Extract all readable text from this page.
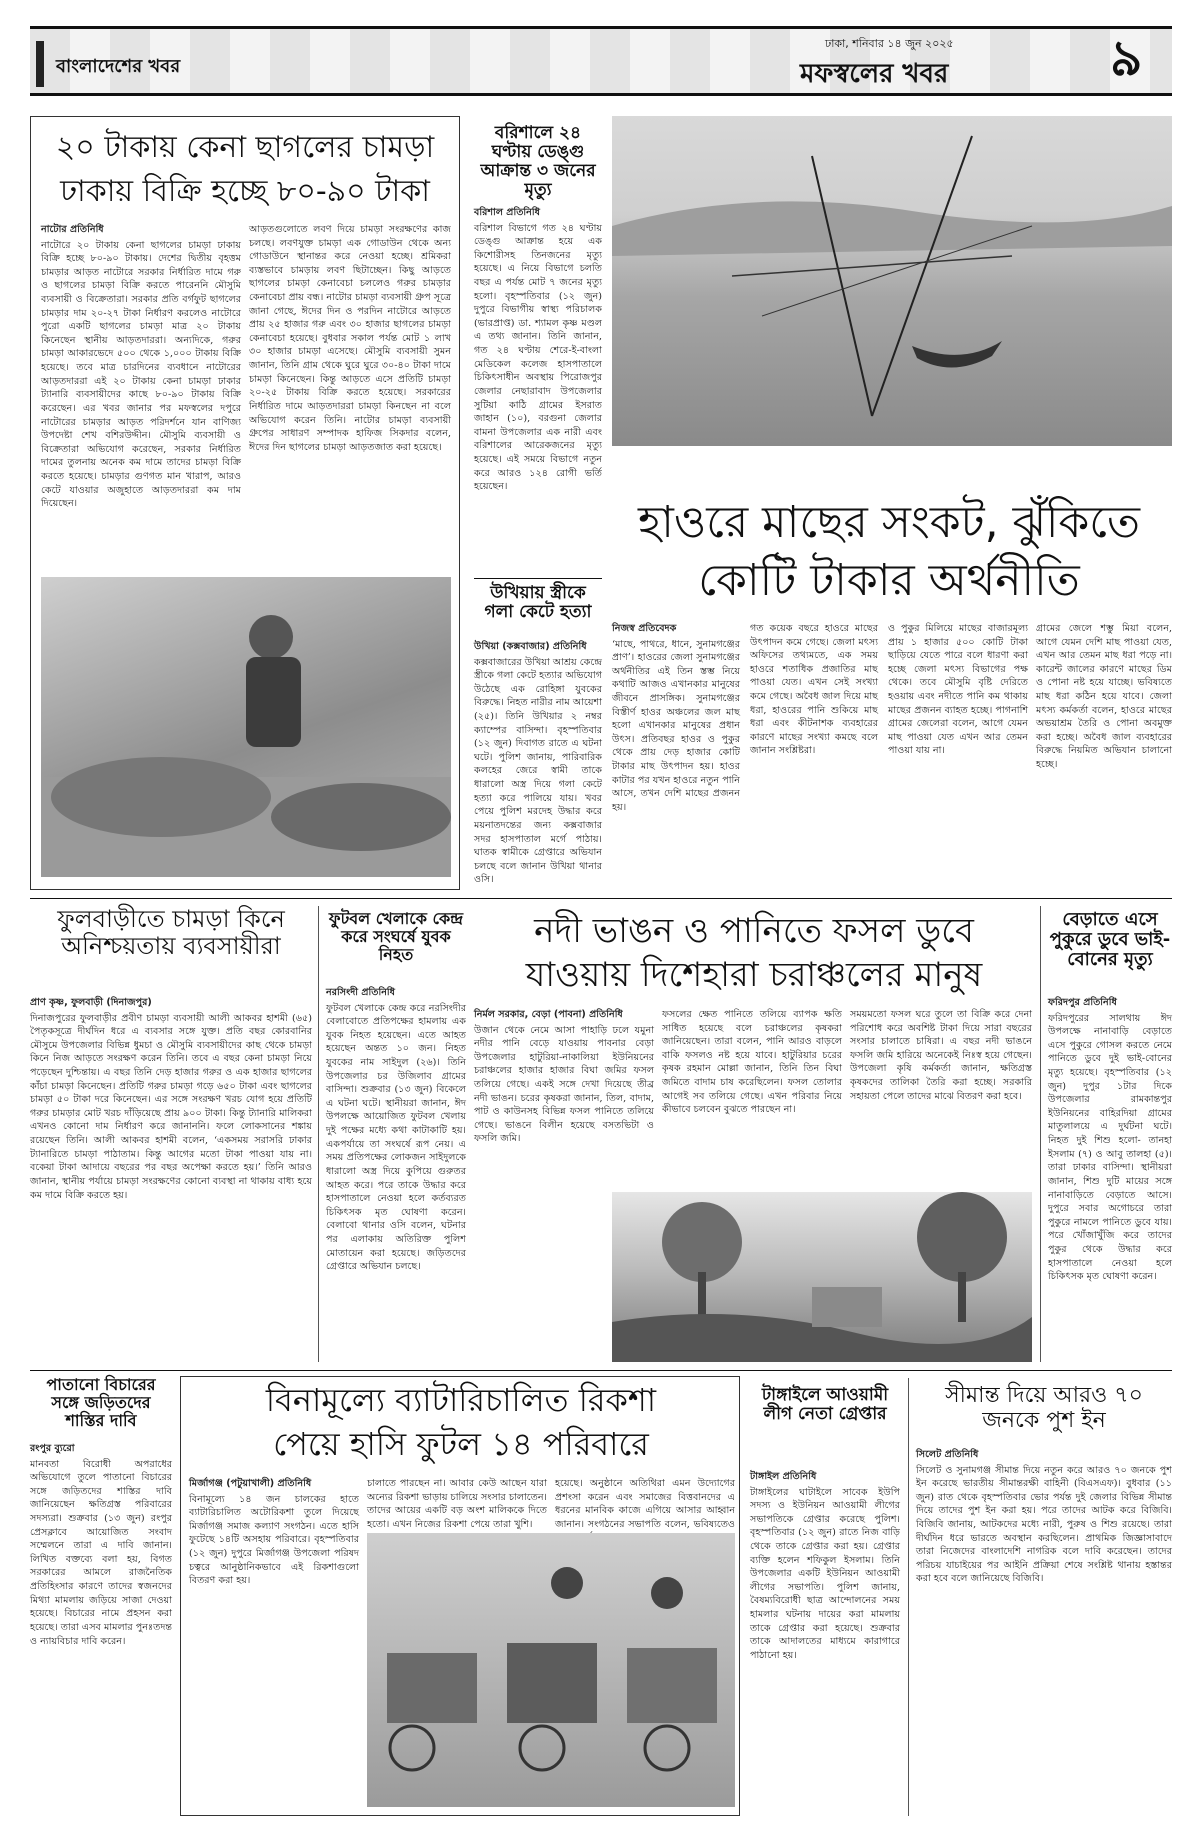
বাংলাদেশের খবর
ঢাকা, শনিবার ১৪ জুন ২০২৫
মফস্বলের খবর	৯
২০ টাকায় কেনা ছাগলের চামড়া
ঢাকায় বিক্রি হচ্ছে ৮০-৯০ টাকা
নাটোর প্রতিনিধি

নাটোরে ২০ টাকায় কেনা ছাগলের চামড়া ঢাকায় বিক্রি হচ্ছে ৮০-৯০ টাকায়। দেশের দ্বিতীয় বৃহত্তম চামড়ার আড়ত নাটোরে সরকার নির্ধারিত দামে গরু ও ছাগলের চামড়া বিক্রি করতে পারেননি মৌসুমি ব্যবসায়ী ও বিক্রেতারা। সরকার প্রতি বর্গফুট ছাগলের চামড়ার দাম ২০-২৭ টাকা নির্ধারণ করলেও নাটোরে পুরো একটি ছাগলের চামড়া মাত্র ২০ টাকায় কিনেছেন স্থানীয় আড়তদাররা। অন্যদিকে, গরুর চামড়া আকারভেদে ৫০০ থেকে ১,০০০ টাকায় বিক্রি হয়েছে। তবে মাত্র চারদিনের ব্যবধানে নাটোরের আড়তদাররা এই ২০ টাকায় কেনা চামড়া ঢাকার ট্যানারি ব্যবসায়ীদের কাছে ৮০-৯০ টাকায় বিক্রি করেছেন। এর খবর জানার পর মফস্বলের দপুরে নাটোরের চামড়ার আড়ত পরিদর্শনে যান বাণিজ্য উপদেষ্টা শেখ বশিরউদ্দীন। মৌসুমি ব্যবসায়ী ও বিক্রেতারা অভিযোগ করেছেন, সরকার নির্ধারিত দামের তুলনায় অনেক কম দামে তাদের চামড়া বিক্রি করতে হয়েছে। চামড়ার গুণগত মান খারাপ, আরও কেটে যাওয়ার অজুহাতে আড়তদাররা কম দাম দিয়েছেন।

আড়তগুলোতে লবণ দিয়ে চামড়া সংরক্ষণের কাজ চলছে। লবণযুক্ত চামড়া এক গোডাউন থেকে অন্য গোডাউনে স্থানান্তর করে নেওয়া হচ্ছে। শ্রমিকরা ব্যস্তভাবে চামড়ায় লবণ ছিটাচ্ছেন। কিছু আড়তে ছাগলের চামড়া কেনাবেচা চললেও গরুর চামড়ার কেনাবেচা প্রায় বন্ধ। নাটোর চামড়া ব্যবসায়ী গ্রুপ সূত্রে জানা গেছে, ঈদের দিন ও পরদিন নাটোরে আড়তে প্রায় ২৫ হাজার গরু এবং ৩০ হাজার ছাগলের চামড়া কেনাবেচা হয়েছে। বুধবার সকাল পর্যন্ত মোট ১ লাখ ৩০ হাজার চামড়া এসেছে। মৌসুমি ব্যবসায়ী সুমন জানান, তিনি গ্রাম থেকে ঘুরে ঘুরে ৩০-৪০ টাকা দামে চামড়া কিনেছেন। কিন্তু আড়তে এসে প্রতিটি চামড়া ২০-২৫ টাকায় বিক্রি করতে হয়েছে। সরকারের নির্ধারিত দামে আড়তদাররা চামড়া কিনছেন না বলে অভিযোগ করেন তিনি। নাটোর চামড়া ব্যবসায়ী গ্রুপের সাধারণ সম্পাদক হাফিজ সিকদার বলেন, ঈদের দিন ছাগলের চামড়া আড়তজাত করা হয়েছে।

বরিশালে ২৪ ঘণ্টায় ডেঙ্গু আক্রান্ত ৩ জনের মৃত্যু
বরিশাল প্রতিনিধি

বরিশাল বিভাগে গত ২৪ ঘণ্টায় ডেঙ্গু আক্রান্ত হয়ে এক কিশোরীসহ তিনজনের মৃত্যু হয়েছে। এ নিয়ে বিভাগে চলতি বছর এ পর্যন্ত মোট ৭ জনের মৃত্যু হলো। বৃহস্পতিবার (১২ জুন) দুপুরে বিভাগীয় স্বাস্থ্য পরিচালক (ভারপ্রাপ্ত) ডা. শ্যামল কৃষ্ণ মণ্ডল এ তথ্য জানান। তিনি জানান, গত ২৪ ঘণ্টায় শেরে-ই-বাংলা মেডিকেল কলেজ হাসপাতালে চিকিৎসাধীন অবস্থায় পিরোজপুর জেলার নেছারাবাদ উপজেলার সুটিয়া কাঠি গ্রামের ইসরাত জাহান (১০), বরগুনা জেলার বামনা উপজেলার এক নারী এবং বরিশালের আরেকজনের মৃত্যু হয়েছে। এই সময়ে বিভাগে নতুন করে আরও ১২৪ রোগী ভর্তি হয়েছেন।

হাওরে মাছের সংকট, ঝুঁকিতে
কোটি টাকার অর্থনীতি
উখিয়ায় স্ত্রীকে গলা কেটে হত্যা
উখিয়া (কক্সবাজার) প্রতিনিধি

কক্সবাজারের উখিয়া আশ্রয় কেন্দ্রে স্ত্রীকে গলা কেটে হত্যার অভিযোগ উঠেছে এক রোহিঙ্গা যুবকের বিরুদ্ধে। নিহত নারীর নাম আয়েশা (২৫)। তিনি উখিয়ার ২ নম্বর ক্যাম্পের বাসিন্দা। বৃহস্পতিবার (১২ জুন) দিবাগত রাতে এ ঘটনা ঘটে। পুলিশ জানায়, পারিবারিক কলহের জেরে স্বামী তাকে ধারালো অস্ত্র দিয়ে গলা কেটে হত্যা করে পালিয়ে যায়। খবর পেয়ে পুলিশ মরদেহ উদ্ধার করে ময়নাতদন্তের জন্য কক্সবাজার সদর হাসপাতাল মর্গে পাঠায়। ঘাতক স্বামীকে গ্রেপ্তারে অভিযান চলছে বলে জানান উখিয়া থানার ওসি।

নিজস্ব প্রতিবেদক

‘মাছে, পাথরে, ধানে, সুনামগঞ্জের প্রাণ’। হাওরের জেলা সুনামগঞ্জের অর্থনীতির এই তিন স্তম্ভ নিয়ে কথাটি আজও এখানকার মানুষের জীবনে প্রাসঙ্গিক। সুনামগঞ্জের বিস্তীর্ণ হাওর অঞ্চলের জল মাছ হলো এখানকার মানুষের প্রধান উৎস। প্রতিবছর হাওর ও পুকুর থেকে প্রায় দেড় হাজার কোটি টাকার মাছ উৎপাদন হয়। হাওর কাটার পর যখন হাওরে নতুন পানি আসে, তখন দেশি মাছের প্রজনন হয়।

গত কয়েক বছরে হাওরে মাছের উৎপাদন কমে গেছে। জেলা মৎস্য অফিসের তথ্যমতে, এক সময় হাওরে শতাধিক প্রজাতির মাছ পাওয়া যেত। এখন সেই সংখ্যা কমে গেছে। অবৈধ জাল দিয়ে মাছ ধরা, হাওরের পানি শুকিয়ে মাছ ধরা এবং কীটনাশক ব্যবহারের কারণে মাছের সংখ্যা কমছে বলে জানান সংশ্লিষ্টরা।

ও পুকুর মিলিয়ে মাছের বাজারমূল্য প্রায় ১ হাজার ৫০০ কোটি টাকা ছাড়িয়ে যেতে পারে বলে ধারণা করা হচ্ছে জেলা মৎস্য বিভাগের পক্ষ থেকে। তবে মৌসুমি বৃষ্টি দেরিতে হওয়ায় এবং নদীতে পানি কম থাকায় মাছের প্রজনন ব্যাহত হচ্ছে। পাগনাশি গ্রামের জেলেরা বলেন, আগে যেমন মাছ পাওয়া যেত এখন আর তেমন পাওয়া যায় না।

গ্রামের জেলে শম্ভু মিয়া বলেন, আগে যেমন দেশি মাছ পাওয়া যেত, এখন আর তেমন মাছ ধরা পড়ে না। কারেন্ট জালের কারণে মাছের ডিম ও পোনা নষ্ট হয়ে যাচ্ছে। ভবিষ্যতে মাছ ধরা কঠিন হয়ে যাবে। জেলা মৎস্য কর্মকর্তা বলেন, হাওরে মাছের অভয়াশ্রম তৈরি ও পোনা অবমুক্ত করা হচ্ছে। অবৈধ জাল ব্যবহারের বিরুদ্ধে নিয়মিত অভিযান চালানো হচ্ছে।

ফুলবাড়ীতে চামড়া কিনে অনিশ্চয়তায় ব্যবসায়ীরা
প্রাণ কৃষ্ণ, ফুলবাড়ী (দিনাজপুর)

দিনাজপুরের ফুলবাড়ীর প্রবীণ চামড়া ব্যবসায়ী আলী আকবর হাশমী (৬৫) পৈতৃকসূত্রে দীর্ঘদিন ধরে এ ব্যবসার সঙ্গে যুক্ত। প্রতি বছর কোরবানির মৌসুমে উপজেলার বিভিন্ন ধুমচা ও মৌসুমি ব্যবসায়ীদের কাছ থেকে চামড়া কিনে নিজ আড়তে সংরক্ষণ করেন তিনি। তবে এ বছর কেনা চামড়া নিয়ে পড়েছেন দুশ্চিন্তায়। এ বছর তিনি দেড় হাজার গরুর ও এক হাজার ছাগলের কাঁচা চামড়া কিনেছেন। প্রতিটি গরুর চামড়া গড়ে ৬৫০ টাকা এবং ছাগলের চামড়া ৫০ টাকা দরে কিনেছেন। এর সঙ্গে সংরক্ষণ খরচ যোগ হয়ে প্রতিটি গরুর চামড়ার মোট খরচ দাঁড়িয়েছে প্রায় ৯০০ টাকা। কিন্তু ট্যানারি মালিকরা এখনও কোনো দাম নির্ধারণ করে জানাননি। ফলে লোকসানের শঙ্কায় রয়েছেন তিনি। আলী আকবর হাশমী বলেন, ‘একসময় সরাসরি ঢাকার ট্যানারিতে চামড়া পাঠাতাম। কিন্তু আগের মতো টাকা পাওয়া যায় না। বকেয়া টাকা আদায়ে বছরের পর বছর অপেক্ষা করতে হয়।’ তিনি আরও জানান, স্থানীয় পর্যায়ে চামড়া সংরক্ষণের কোনো ব্যবস্থা না থাকায় বাধ্য হয়ে কম দামে বিক্রি করতে হয়।

ফুটবল খেলাকে কেন্দ্র করে সংঘর্ষে যুবক নিহত
নরসিংদী প্রতিনিধি

ফুটবল খেলাকে কেন্দ্র করে নরসিংদীর বেলাবোতে প্রতিপক্ষের হামলায় এক যুবক নিহত হয়েছেন। এতে আহত হয়েছেন অন্তত ১০ জন। নিহত যুবকের নাম সাইদুল (২৬)। তিনি উপজেলার চর উজিলাব গ্রামের বাসিন্দা। শুক্রবার (১৩ জুন) বিকেলে এ ঘটনা ঘটে। স্থানীয়রা জানান, ঈদ উপলক্ষে আয়োজিত ফুটবল খেলায় দুই পক্ষের মধ্যে কথা কাটাকাটি হয়। একপর্যায়ে তা সংঘর্ষে রূপ নেয়। এ সময় প্রতিপক্ষের লোকজন সাইদুলকে ধারালো অস্ত্র দিয়ে কুপিয়ে গুরুতর আহত করে। পরে তাকে উদ্ধার করে হাসপাতালে নেওয়া হলে কর্তব্যরত চিকিৎসক মৃত ঘোষণা করেন। বেলাবো থানার ওসি বলেন, ঘটনার পর এলাকায় অতিরিক্ত পুলিশ মোতায়েন করা হয়েছে। জড়িতদের গ্রেপ্তারে অভিযান চলছে।

নদী ভাঙন ও পানিতে ফসল ডুবে
যাওয়ায় দিশেহারা চরাঞ্চলের মানুষ
নির্মল সরকার, বেড়া (পাবনা) প্রতিনিধি

উজান থেকে নেমে আসা পাহাড়ি ঢলে যমুনা নদীর পানি বেড়ে যাওয়ায় পাবনার বেড়া উপজেলার হাটুরিয়া-নাকালিয়া ইউনিয়নের চরাঞ্চলের হাজার হাজার বিঘা জমির ফসল তলিয়ে গেছে। একই সঙ্গে দেখা দিয়েছে তীব্র নদী ভাঙন। চরের কৃষকরা জানান, তিল, বাদাম, পাট ও কাউনসহ বিভিন্ন ফসল পানিতে তলিয়ে গেছে। ভাঙনে বিলীন হয়েছে বসতভিটা ও ফসলি জমি।

ফসলের ক্ষেত পানিতে তলিয়ে ব্যাপক ক্ষতি সাধিত হয়েছে বলে চরাঞ্চলের কৃষকরা জানিয়েছেন। তারা বলেন, পানি আরও বাড়লে বাকি ফসলও নষ্ট হয়ে যাবে। হাটুরিয়ার চরের কৃষক রহমান মোল্লা জানান, তিনি তিন বিঘা জমিতে বাদাম চাষ করেছিলেন। ফসল তোলার আগেই সব তলিয়ে গেছে। এখন পরিবার নিয়ে কীভাবে চলবেন বুঝতে পারছেন না।

সময়মতো ফসল ঘরে তুলে তা বিক্রি করে দেনা পরিশোধ করে অবশিষ্ট টাকা দিয়ে সারা বছরের সংসার চালাতে চাষিরা। এ বছর নদী ভাঙনে ফসলি জমি হারিয়ে অনেকেই নিঃস্ব হয়ে গেছেন। উপজেলা কৃষি কর্মকর্তা জানান, ক্ষতিগ্রস্ত কৃষকদের তালিকা তৈরি করা হচ্ছে। সরকারি সহায়তা পেলে তাদের মাঝে বিতরণ করা হবে।

বেড়াতে এসে পুকুরে ডুবে ভাই-বোনের মৃত্যু
ফরিদপুর প্রতিনিধি

ফরিদপুরের সালথায় ঈদ উপলক্ষে নানাবাড়ি বেড়াতে এসে পুকুরে গোসল করতে নেমে পানিতে ডুবে দুই ভাই-বোনের মৃত্যু হয়েছে। বৃহস্পতিবার (১২ জুন) দুপুর ১টার দিকে উপজেলার রামকান্তপুর ইউনিয়নের বাহিরদিয়া গ্রামের মাতুলালয়ে এ দুর্ঘটনা ঘটে। নিহত দুই শিশু হলো- তানহা ইসলাম (৭) ও আবু তালহা (৫)। তারা ঢাকার বাসিন্দা। স্থানীয়রা জানান, শিশু দুটি মায়ের সঙ্গে নানাবাড়িতে বেড়াতে আসে। দুপুরে সবার অগোচরে তারা পুকুরে নামলে পানিতে ডুবে যায়। পরে খোঁজাখুঁজি করে তাদের পুকুর থেকে উদ্ধার করে হাসপাতালে নেওয়া হলে চিকিৎসক মৃত ঘোষণা করেন।

পাতানো বিচারের সঙ্গে জড়িতদের শাস্তির দাবি
রংপুর ব্যুরো

মানবতা বিরোধী অপরাধের অভিযোগে তুলে পাতানো বিচারের সঙ্গে জড়িতদের শাস্তির দাবি জানিয়েছেন ক্ষতিগ্রস্ত পরিবারের সদস্যরা। শুক্রবার (১৩ জুন) রংপুর প্রেসক্লাবে আয়োজিত সংবাদ সম্মেলনে তারা এ দাবি জানান। লিখিত বক্তব্যে বলা হয়, বিগত সরকারের আমলে রাজনৈতিক প্রতিহিংসার কারণে তাদের স্বজনদের মিথ্যা মামলায় জড়িয়ে সাজা দেওয়া হয়েছে। বিচারের নামে প্রহসন করা হয়েছে। তারা এসব মামলার পুনঃতদন্ত ও ন্যায়বিচার দাবি করেন।

বিনামূল্যে ব্যাটারিচালিত রিকশা
পেয়ে হাসি ফুটল ১৪ পরিবারে
মির্জাগঞ্জ (পটুয়াখালী) প্রতিনিধি

বিনামূল্যে ১৪ জন চালকের হাতে ব্যাটারিচালিত অটোরিকশা তুলে দিয়েছে মির্জাগঞ্জ সমাজ কল্যাণ সংগঠন। এতে হাসি ফুটেছে ১৪টি অসহায় পরিবারে। বৃহস্পতিবার (১২ জুন) দুপুরে মির্জাগঞ্জ উপজেলা পরিষদ চত্বরে আনুষ্ঠানিকভাবে এই রিকশাগুলো বিতরণ করা হয়।

চালাতে পারছেন না। আবার কেউ আছেন যারা অন্যের রিকশা ভাড়ায় চালিয়ে সংসার চালাতেন। তাদের আয়ের একটি বড় অংশ মালিককে দিতে হতো। এখন নিজের রিকশা পেয়ে তারা খুশি।

হয়েছে। অনুষ্ঠানে অতিথিরা এমন উদ্যোগের প্রশংসা করেন এবং সমাজের বিত্তবানদের এ ধরনের মানবিক কাজে এগিয়ে আসার আহ্বান জানান। সংগঠনের সভাপতি বলেন, ভবিষ্যতেও

টাঙ্গাইলে আওয়ামী লীগ নেতা গ্রেপ্তার
টাঙ্গাইল প্রতিনিধি

টাঙ্গাইলের ঘাটাইলে সাবেক ইউপি সদস্য ও ইউনিয়ন আওয়ামী লীগের সভাপতিকে গ্রেপ্তার করেছে পুলিশ। বৃহস্পতিবার (১২ জুন) রাতে নিজ বাড়ি থেকে তাকে গ্রেপ্তার করা হয়। গ্রেপ্তার ব্যক্তি হলেন শফিকুল ইসলাম। তিনি উপজেলার একটি ইউনিয়ন আওয়ামী লীগের সভাপতি। পুলিশ জানায়, বৈষম্যবিরোধী ছাত্র আন্দোলনের সময় হামলার ঘটনায় দায়ের করা মামলায় তাকে গ্রেপ্তার করা হয়েছে। শুক্রবার তাকে আদালতের মাধ্যমে কারাগারে পাঠানো হয়।

সীমান্ত দিয়ে আরও ৭০ জনকে পুশ ইন
সিলেট প্রতিনিধি

সিলেট ও সুনামগঞ্জ সীমান্ত দিয়ে নতুন করে আরও ৭০ জনকে পুশ ইন করেছে ভারতীয় সীমান্তরক্ষী বাহিনী (বিএসএফ)। বুধবার (১১ জুন) রাত থেকে বৃহস্পতিবার ভোর পর্যন্ত দুই জেলার বিভিন্ন সীমান্ত দিয়ে তাদের পুশ ইন করা হয়। পরে তাদের আটক করে বিজিবি। বিজিবি জানায়, আটকদের মধ্যে নারী, পুরুষ ও শিশু রয়েছে। তারা দীর্ঘদিন ধরে ভারতে অবস্থান করছিলেন। প্রাথমিক জিজ্ঞাসাবাদে তারা নিজেদের বাংলাদেশি নাগরিক বলে দাবি করেছেন। তাদের পরিচয় যাচাইয়ের পর আইনি প্রক্রিয়া শেষে সংশ্লিষ্ট থানায় হস্তান্তর করা হবে বলে জানিয়েছে বিজিবি।
